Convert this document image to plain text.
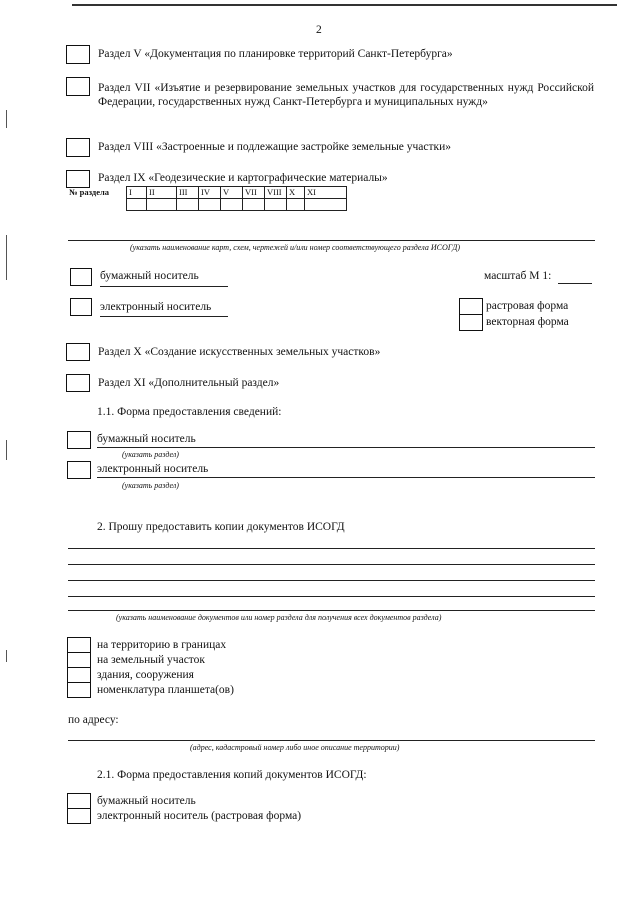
2
Раздел V «Документация по планировке территорий Санкт-Петербурга»
Раздел VII «Изъятие и резервирование земельных участков для государственных нужд Российской Федерации, государственных нужд Санкт-Петербурга и муниципальных нужд»
Раздел VIII «Застроенные и подлежащие застройке земельные участки»
Раздел IX «Геодезические и картографические материалы»
№ раздела I	II	III	IV	V	VII	VIII	X	XI

(указать наименование карт, схем, чертежей и/или номер соответствующего раздела ИСОГД)
бумажный носитель	масштаб М 1:
электронный носитель	растровая форма
векторная форма
Раздел X «Создание искусственных земельных участков»
Раздел XI «Дополнительный раздел»
1.1. Форма предоставления сведений:
бумажный носитель
(указать раздел)
электронный носитель
(указать раздел)
2. Прошу предоставить копии документов ИСОГД
(указать наименование документов или номер раздела для получения всех документов раздела)
на территорию в границах
на земельный участок
здания, сооружения
номенклатура планшета(ов)
по адресу:
(адрес, кадастровый номер либо иное описание территории)
2.1. Форма предоставления копий документов ИСОГД:
бумажный носитель
электронный носитель (растровая форма)
